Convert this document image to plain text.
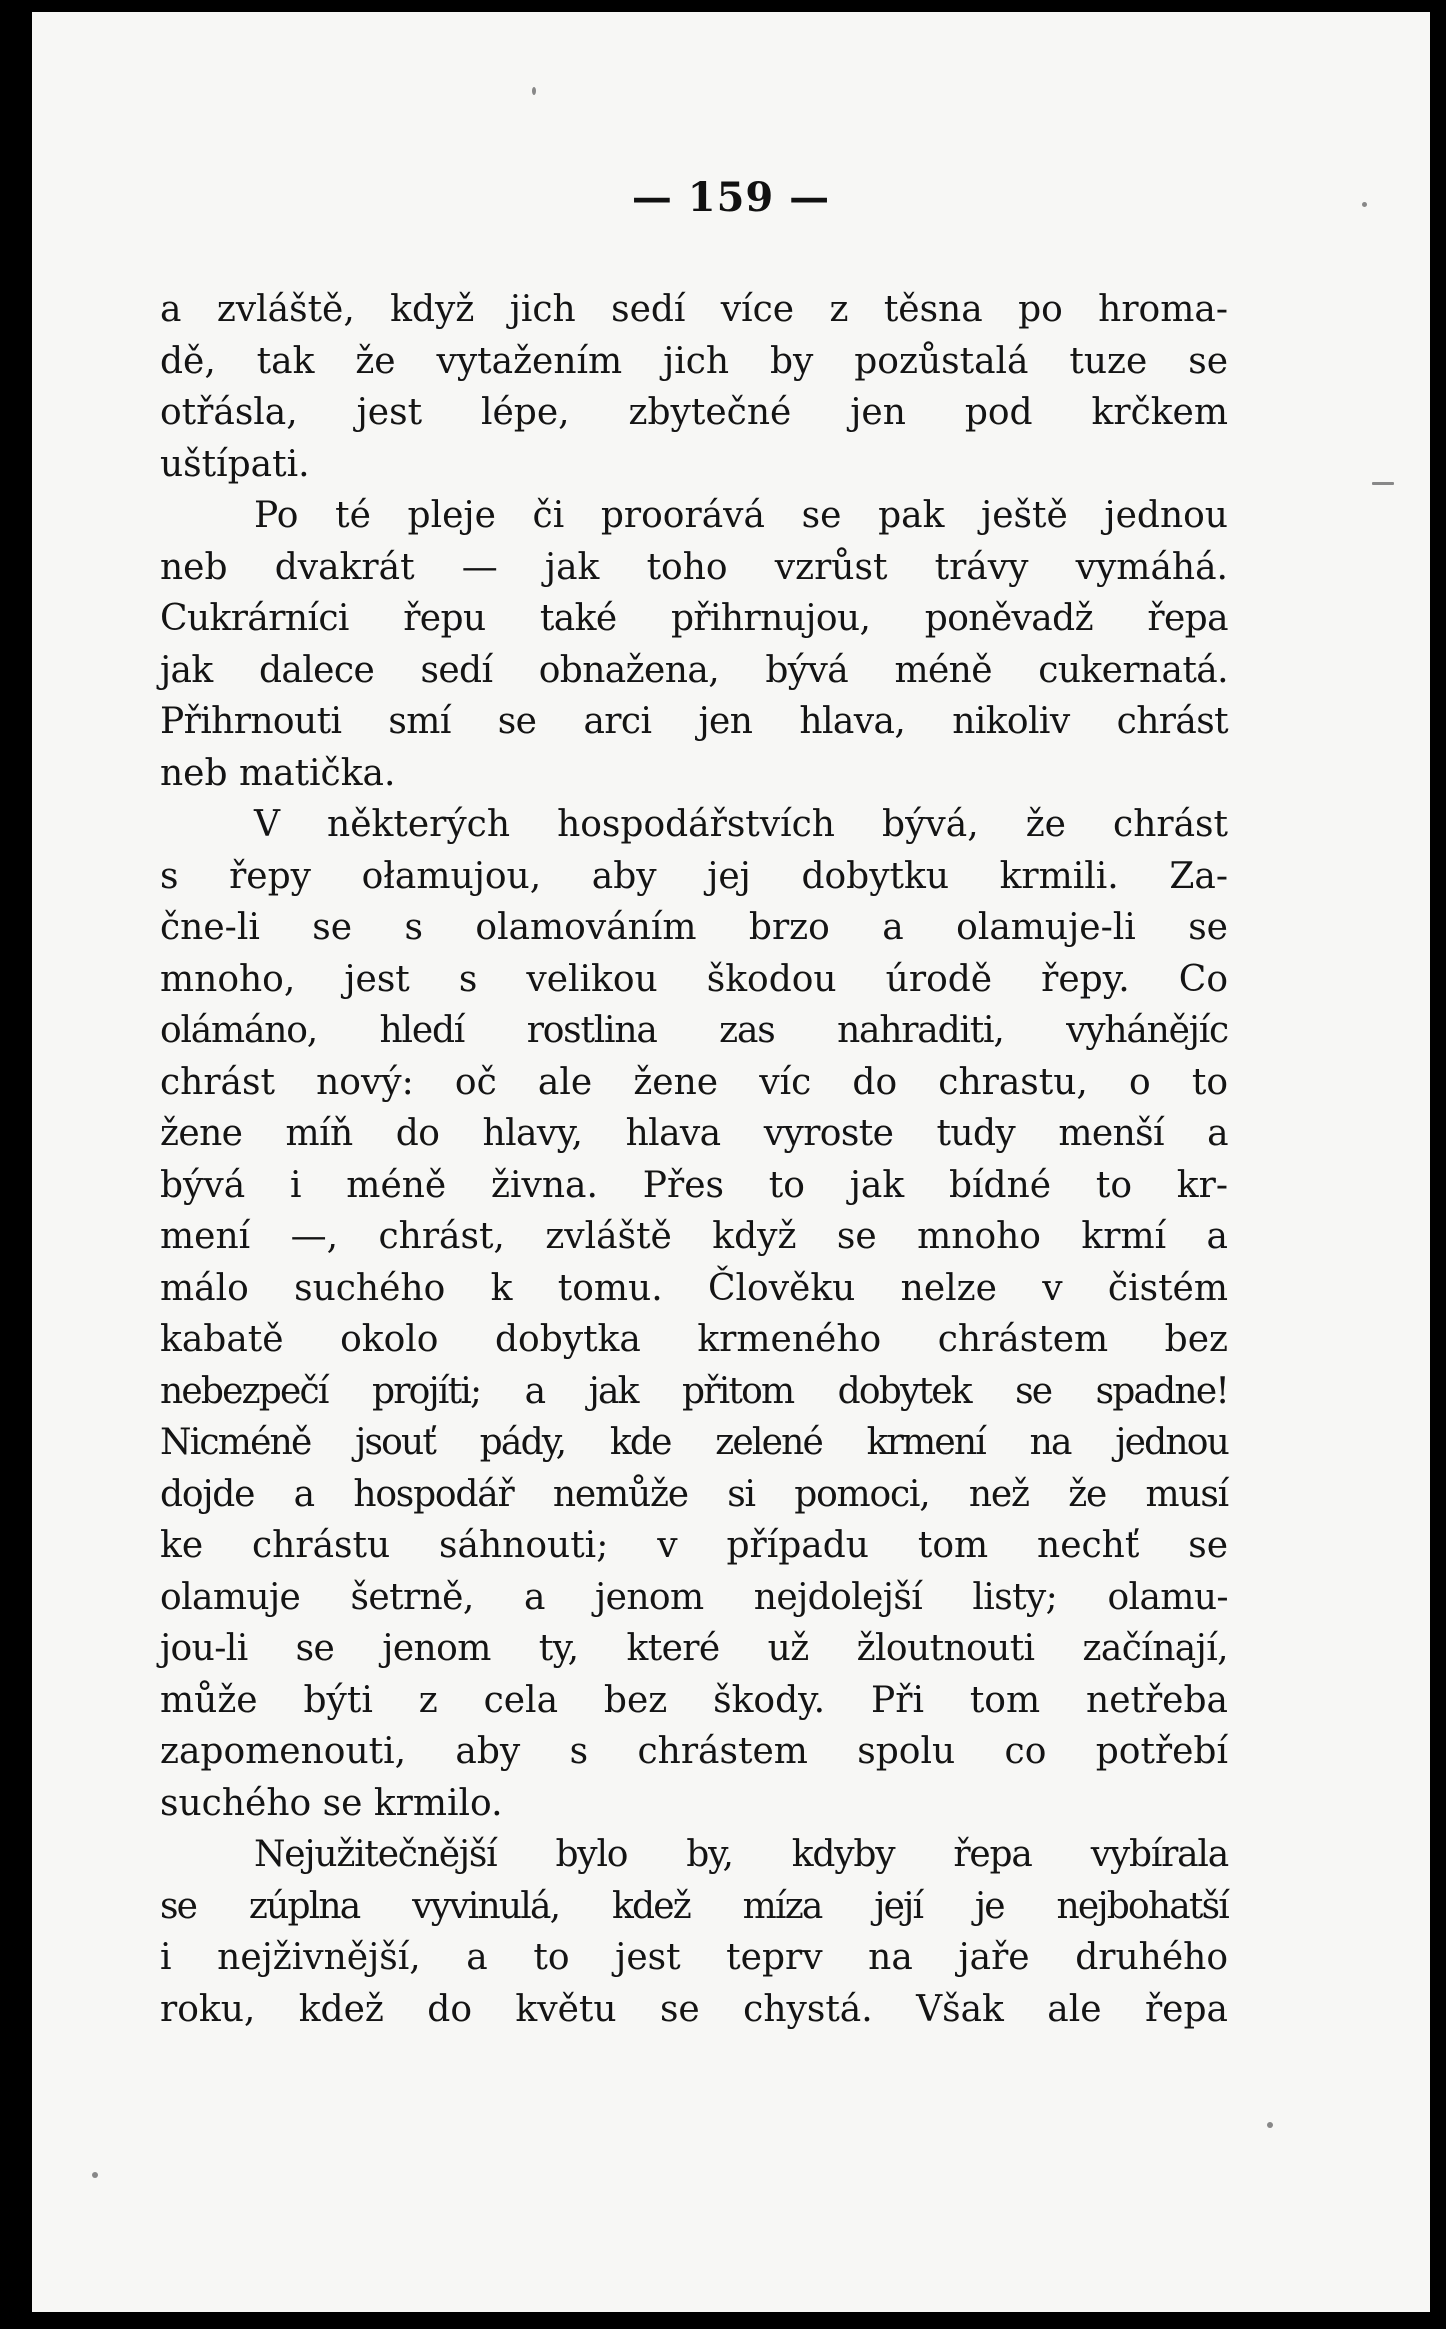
— 159 —
a zvláště, když jich sedí více z těsna po hroma-
dě, tak že vytažením jich by pozůstalá tuze se
otřásla, jest lépe, zbytečné jen pod krčkem
uštípati.
Po té pleje či proorává se pak ještě jednou
neb dvakrát — jak toho vzrůst trávy vymáhá.
Cukrárníci řepu také přihrnujou, poněvadž řepa
jak dalece sedí obnažena, bývá méně cukernatá.
Přihrnouti smí se arci jen hlava, nikoliv chrást
neb matička.
V některých hospodářstvích bývá, že chrást
s řepy ołamujou, aby jej dobytku krmili. Za-
čne-li se s olamováním brzo a olamuje-li se
mnoho, jest s velikou škodou úrodě řepy. Co
olámáno, hledí rostlina zas nahraditi, vyhánějíc
chrást nový: oč ale žene víc do chrastu, o to
žene míň do hlavy, hlava vyroste tudy menší a
bývá i méně živna. Přes to jak bídné to kr-
mení —, chrást, zvláště když se mnoho krmí a
málo suchého k tomu. Člověku nelze v čistém
kabatě okolo dobytka krmeného chrástem bez
nebezpečí projíti; a jak přitom dobytek se spadne!
Nicméně jsouť pády, kde zelené krmení na jednou
dojde a hospodář nemůže si pomoci, než že musí
ke chrástu sáhnouti; v případu tom nechť se
olamuje šetrně, a jenom nejdolejší listy; olamu-
jou-li se jenom ty, které už žloutnouti začínají,
může býti z cela bez škody. Při tom netřeba
zapomenouti, aby s chrástem spolu co potřebí
suchého se krmilo.
Nejužitečnější bylo by, kdyby řepa vybírala
se zúplna vyvinulá, kdež míza její je nejbohatší
i nejživnější, a to jest teprv na jaře druhého
roku, kdež do květu se chystá. Však ale řepa
